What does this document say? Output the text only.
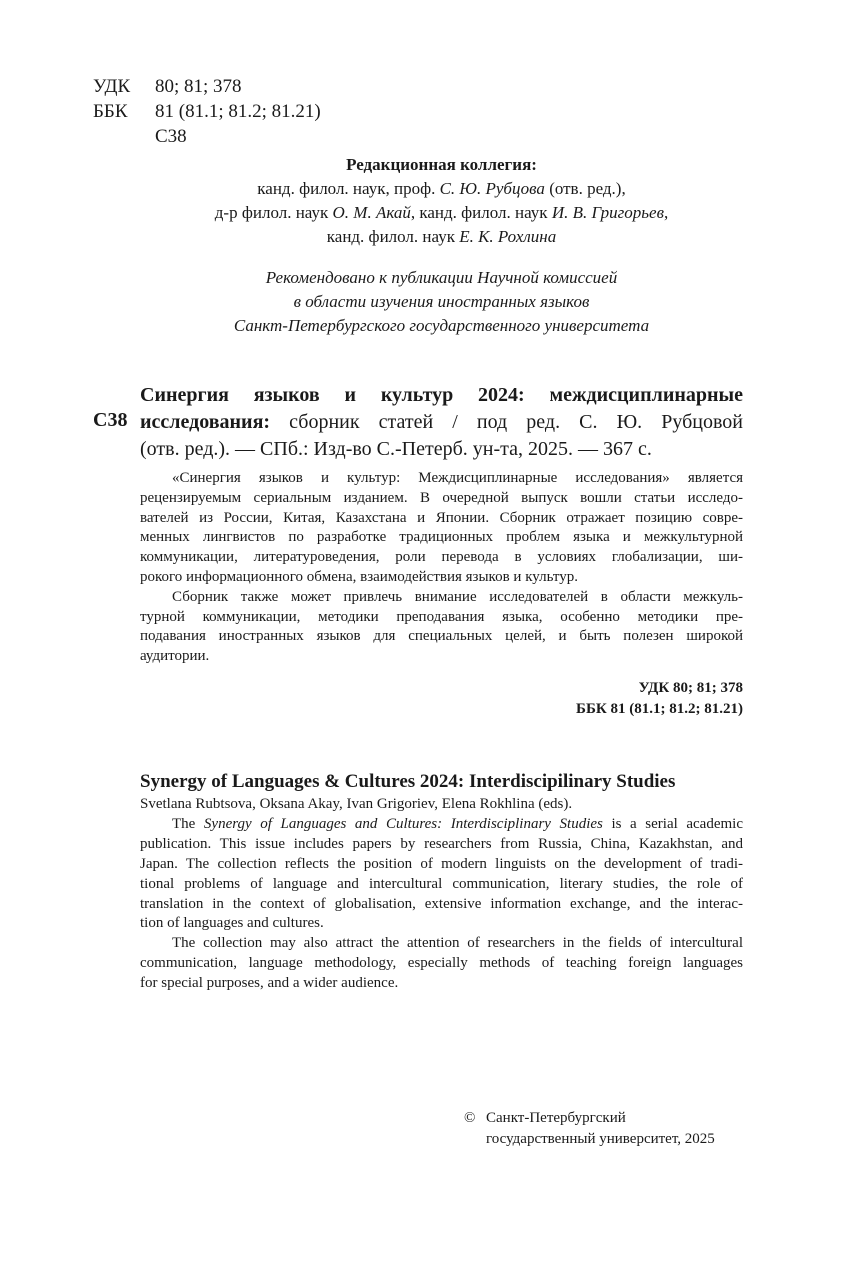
УДК	80; 81; 378
ББК	81 (81.1; 81.2; 81.21)
С38
Редакционная коллегия:
канд. филол. наук, проф. С. Ю. Рубцова (отв. ред.),
д-р филол. наук О. М. Акай, канд. филол. наук И. В. Григорьев,
канд. филол. наук Е. К. Рохлина
Рекомендовано к публикации Научной комиссией
в области изучения иностранных языков
Санкт-Петербургского государственного университета
С38
Синергия языков и культур 2024: междисциплинарные
исследования: сборник статей / под ред. С. Ю. Рубцовой
(отв. ред.). — СПб.: Изд-во С.-Петерб. ун-та, 2025. — 367 с.
«Синергия языков и культур: Междисциплинарные исследования» является
рецензируемым сериальным изданием. В очередной выпуск вошли статьи исследо-
вателей из России, Китая, Казахстана и Японии. Сборник отражает позицию совре-
менных лингвистов по разработке традиционных проблем языка и межкультурной
коммуникации, литературоведения, роли перевода в условиях глобализации, ши-
рокого информационного обмена, взаимодействия языков и культур.
Сборник также может привлечь внимание исследователей в области межкуль-
турной коммуникации, методики преподавания языка, особенно методики пре-
подавания иностранных языков для специальных целей, и быть полезен широкой
аудитории.
УДК 80; 81; 378
ББК 81 (81.1; 81.2; 81.21)
Synergy of Languages & Cultures 2024: Interdiscipilinary Studies
Svetlana Rubtsova, Oksana Akay, Ivan Grigoriev, Elena Rokhlina (eds).
The Synergy of Languages and Cultures: Interdisciplinary Studies is a serial academic
publication. This issue includes papers by researchers from Russia, China, Kazakhstan, and
Japan. The collection reflects the position of modern linguists on the development of tradi-
tional problems of language and intercultural communication, literary studies, the role of
translation in the context of globalisation, extensive information exchange, and the interac-
tion of languages and cultures.
The collection may also attract the attention of researchers in the fields of intercultural
communication, language methodology, especially methods of teaching foreign languages
for special purposes, and a wider audience.
© Санкт-Петербургский
государственный университет, 2025
